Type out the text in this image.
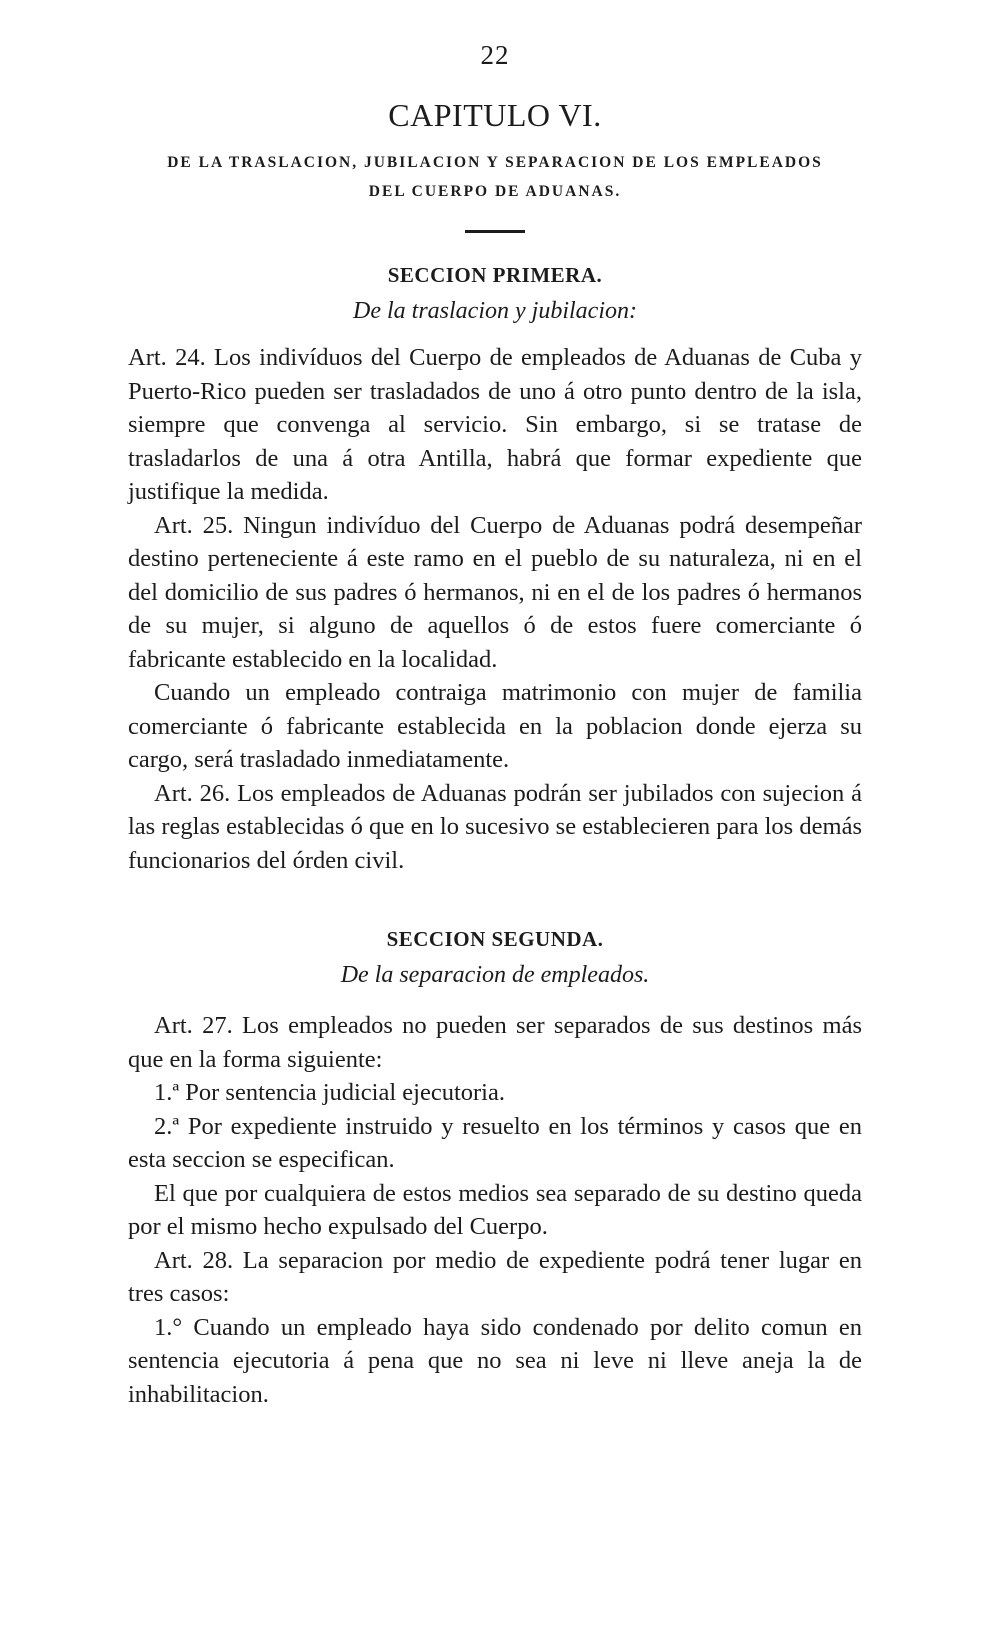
22
CAPITULO VI.
DE LA TRASLACION, JUBILACION Y SEPARACION DE LOS EMPLEADOS
DEL CUERPO DE ADUANAS.
SECCION PRIMERA.
De la traslacion y jubilacion:

Art. 24. Los indivíduos del Cuerpo de empleados de Aduanas de Cuba y Puerto-Rico pueden ser trasladados de uno á otro punto dentro de la isla, siempre que convenga al servicio. Sin embargo, si se tratase de trasladarlos de una á otra Antilla, habrá que formar expediente que justifique la medida.

Art. 25. Ningun indivíduo del Cuerpo de Aduanas podrá desempeñar destino perteneciente á este ramo en el pueblo de su naturaleza, ni en el del domicilio de sus padres ó hermanos, ni en el de los padres ó hermanos de su mujer, si alguno de aquellos ó de estos fuere comerciante ó fabricante establecido en la localidad.

Cuando un empleado contraiga matrimonio con mujer de familia comerciante ó fabricante establecida en la poblacion donde ejerza su cargo, será trasladado inmediatamente.

Art. 26. Los empleados de Aduanas podrán ser jubilados con sujecion á las reglas establecidas ó que en lo sucesivo se establecieren para los demás funcionarios del órden civil.

SECCION SEGUNDA.
De la separacion de empleados.

Art. 27. Los empleados no pueden ser separados de sus destinos más que en la forma siguiente:

1.ª Por sentencia judicial ejecutoria.

2.ª Por expediente instruido y resuelto en los términos y casos que en esta seccion se especifican.

El que por cualquiera de estos medios sea separado de su destino queda por el mismo hecho expulsado del Cuerpo.

Art. 28. La separacion por medio de expediente podrá tener lugar en tres casos:

1.° Cuando un empleado haya sido condenado por delito comun en sentencia ejecutoria á pena que no sea ni leve ni lleve aneja la de inhabilitacion.
